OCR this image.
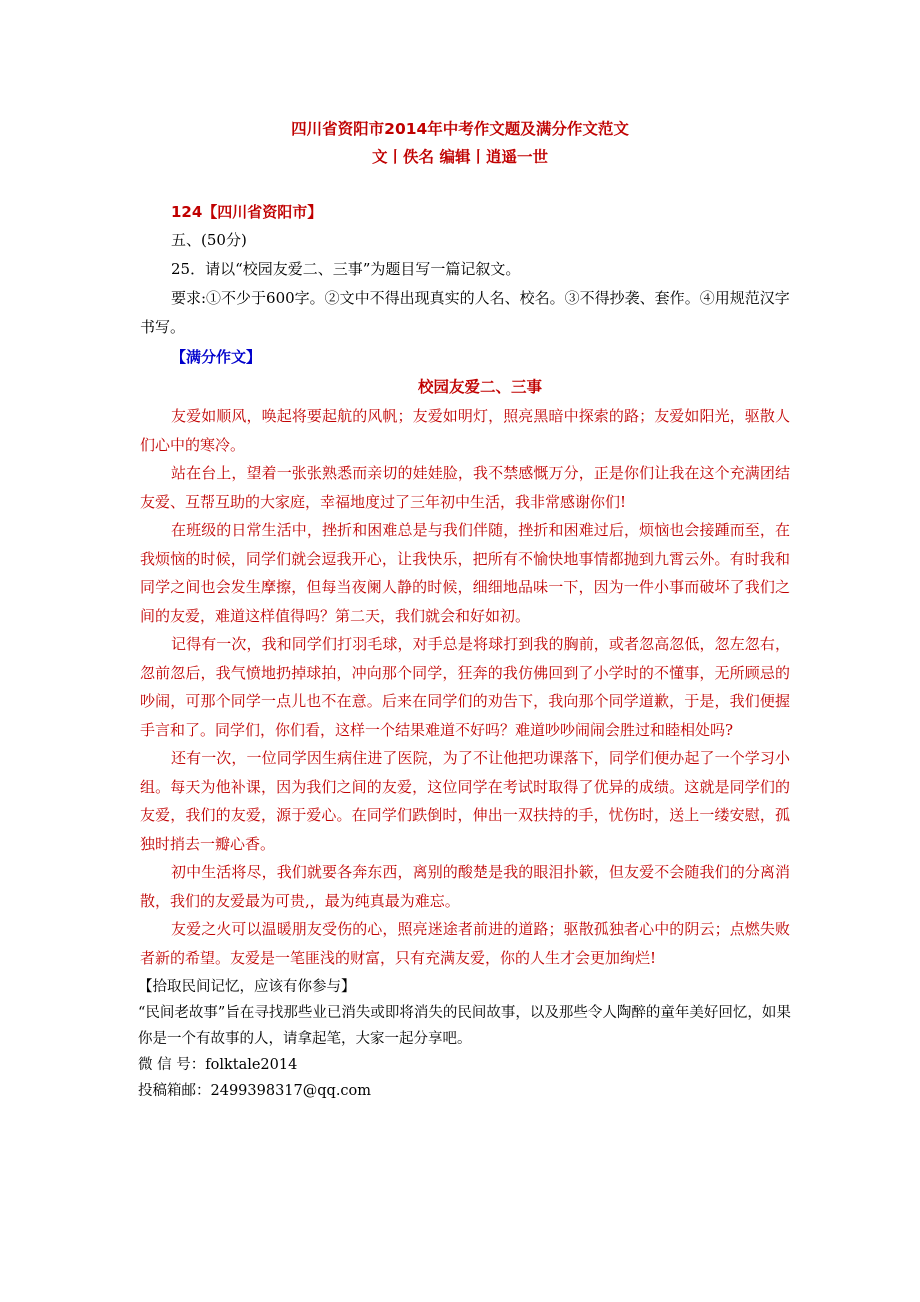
四川省资阳市2014年中考作文题及满分作文范文
文丨佚名 编辑丨逍遥一世
124【四川省资阳市】

五、(50分)

25．请以“校园友爱二、三事”为题目写一篇记叙文。

要求:①不少于600字。②文中不得出现真实的人名、校名。③不得抄袭、套作。④用规范汉字书写。

【满分作文】
校园友爱二、三事

友爱如顺风，唤起将要起航的风帆；友爱如明灯，照亮黑暗中探索的路；友爱如阳光，驱散人们心中的寒冷。

站在台上，望着一张张熟悉而亲切的娃娃脸，我不禁感慨万分，正是你们让我在这个充满团结友爱、互帮互助的大家庭，幸福地度过了三年初中生活，我非常感谢你们!

在班级的日常生活中，挫折和困难总是与我们伴随，挫折和困难过后，烦恼也会接踵而至，在我烦恼的时候，同学们就会逗我开心，让我快乐，把所有不愉快地事情都抛到九霄云外。有时我和同学之间也会发生摩擦，但每当夜阑人静的时候，细细地品味一下，因为一件小事而破坏了我们之间的友爱，难道这样值得吗？第二天，我们就会和好如初。

记得有一次，我和同学们打羽毛球，对手总是将球打到我的胸前，或者忽高忽低，忽左忽右，忽前忽后，我气愤地扔掉球拍，冲向那个同学，狂奔的我仿佛回到了小学时的不懂事，无所顾忌的吵闹，可那个同学一点儿也不在意。后来在同学们的劝告下，我向那个同学道歉，于是，我们便握手言和了。同学们，你们看，这样一个结果难道不好吗？难道吵吵闹闹会胜过和睦相处吗?

还有一次，一位同学因生病住进了医院，为了不让他把功课落下，同学们便办起了一个学习小组。每天为他补课，因为我们之间的友爱，这位同学在考试时取得了优异的成绩。这就是同学们的友爱，我们的友爱，源于爱心。在同学们跌倒时，伸出一双扶持的手，忧伤时，送上一缕安慰，孤独时捎去一瓣心香。

初中生活将尽，我们就要各奔东西，离别的酸楚是我的眼泪扑簌，但友爱不会随我们的分离消散，我们的友爱最为可贵,，最为纯真最为难忘。

友爱之火可以温暖朋友受伤的心，照亮迷途者前进的道路；驱散孤独者心中的阴云；点燃失败者新的希望。友爱是一笔匪浅的财富，只有充满友爱，你的人生才会更加绚烂!

【拾取民间记忆，应该有你参与】

“民间老故事”旨在寻找那些业已消失或即将消失的民间故事，以及那些令人陶醉的童年美好回忆，如果你是一个有故事的人，请拿起笔，大家一起分享吧。

微 信 号：folktale2014

投稿箱邮：2499398317@qq.com
